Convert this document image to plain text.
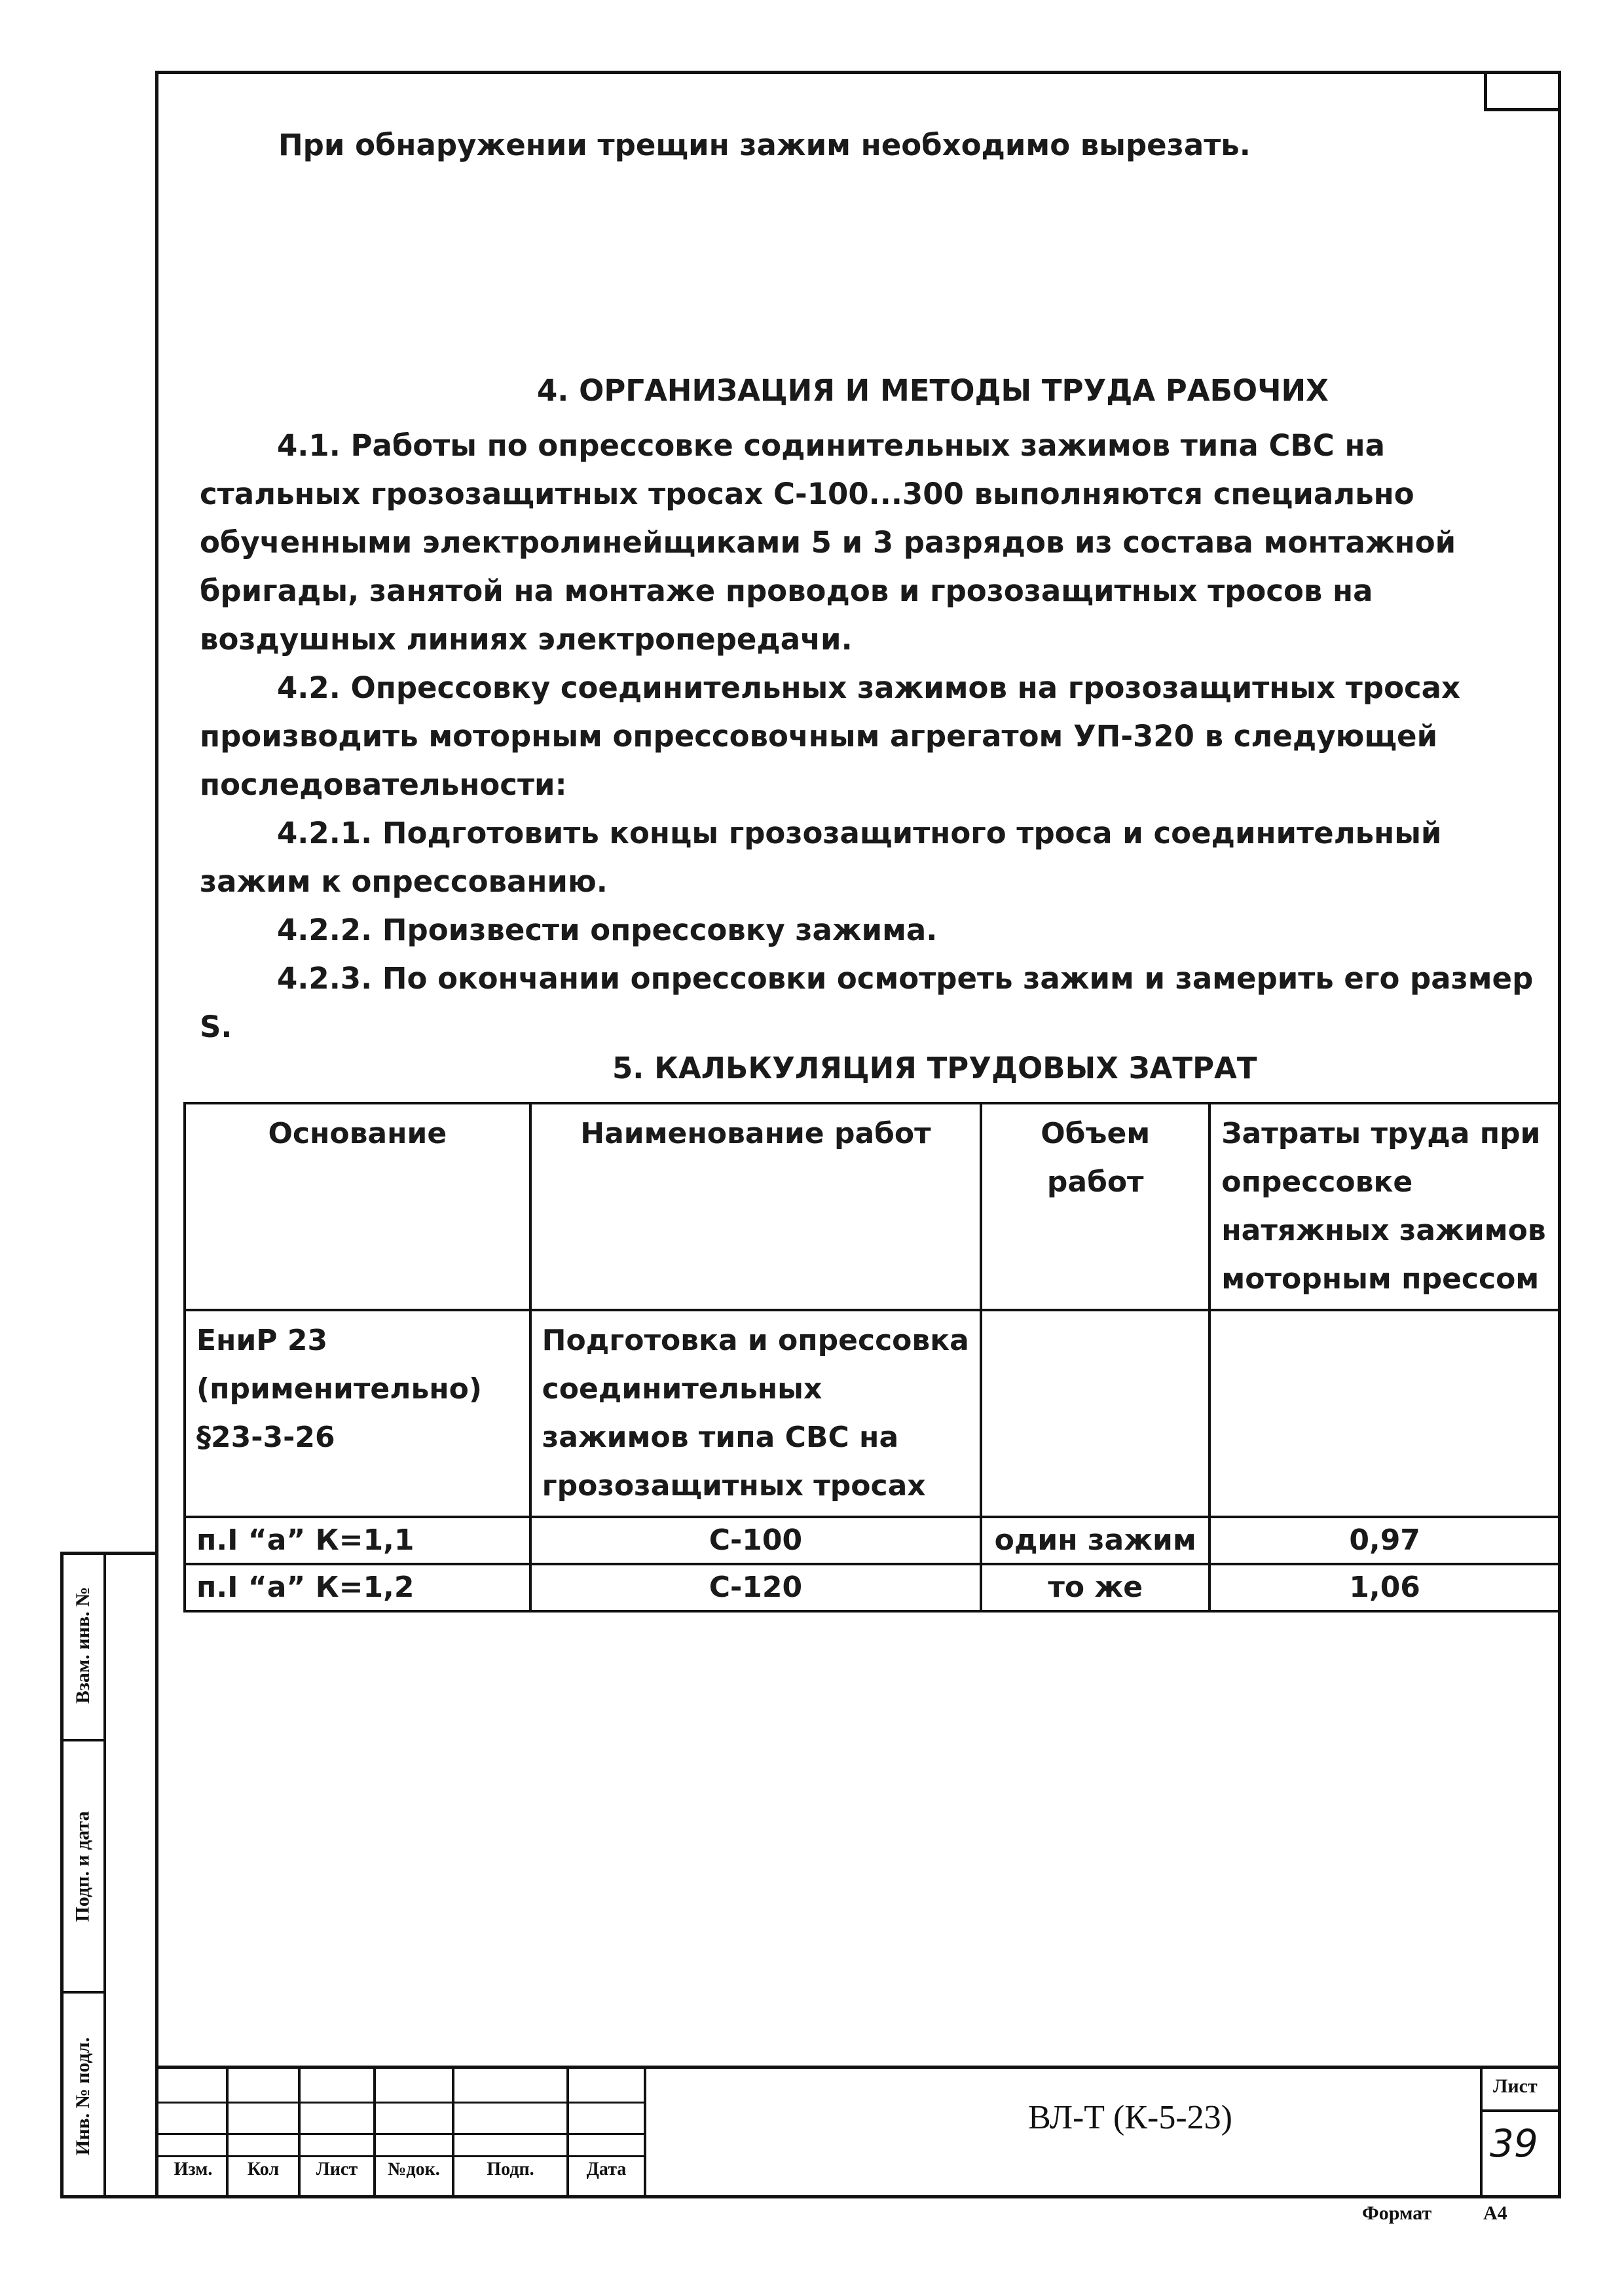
При обнаружении трещин зажим необходимо вырезать.
4. ОРГАНИЗАЦИЯ И МЕТОДЫ ТРУДА РАБОЧИХ
4.1. Работы по опрессовке содинительных зажимов типа СВС на стальных грозозащитных тросах С-100...300 выполняются специально обученными электролинейщиками 5 и 3 разрядов из состава монтажной бригады, занятой на монтаже проводов и грозозащитных тросов на воздушных линиях электропередачи.
4.2. Опрессовку соединительных зажимов на грозозащитных тросах производить моторным опрессовочным агрегатом УП-320 в следующей последовательности:
4.2.1. Подготовить концы грозозащитного троса и соединительный зажим к опрессованию.
4.2.2. Произвести опрессовку зажима.
4.2.3. По окончании опрессовки осмотреть зажим и замерить его размер S.
5. КАЛЬКУЛЯЦИЯ ТРУДОВЫХ ЗАТРАТ
Основание	Наименование работ	Объем работ	Затраты труда при опрессовке натяжных зажимов моторным прессом
ЕниР 23 (применительно) §23-3-26	Подготовка и опрессовка соединительных зажимов типа СВС на грозозащитных тросах		
п.I “а” К=1,1	С-100	один зажим	0,97
п.I “а” К=1,2	С-120	то же	1,06
Взам. инв. №
Подп. и дата
Инв. № подл.
Изм.	Кол	Лист	№док.	Подп.	Дата
ВЛ-Т (К-5-23)
Лист
39
Формат	А4
